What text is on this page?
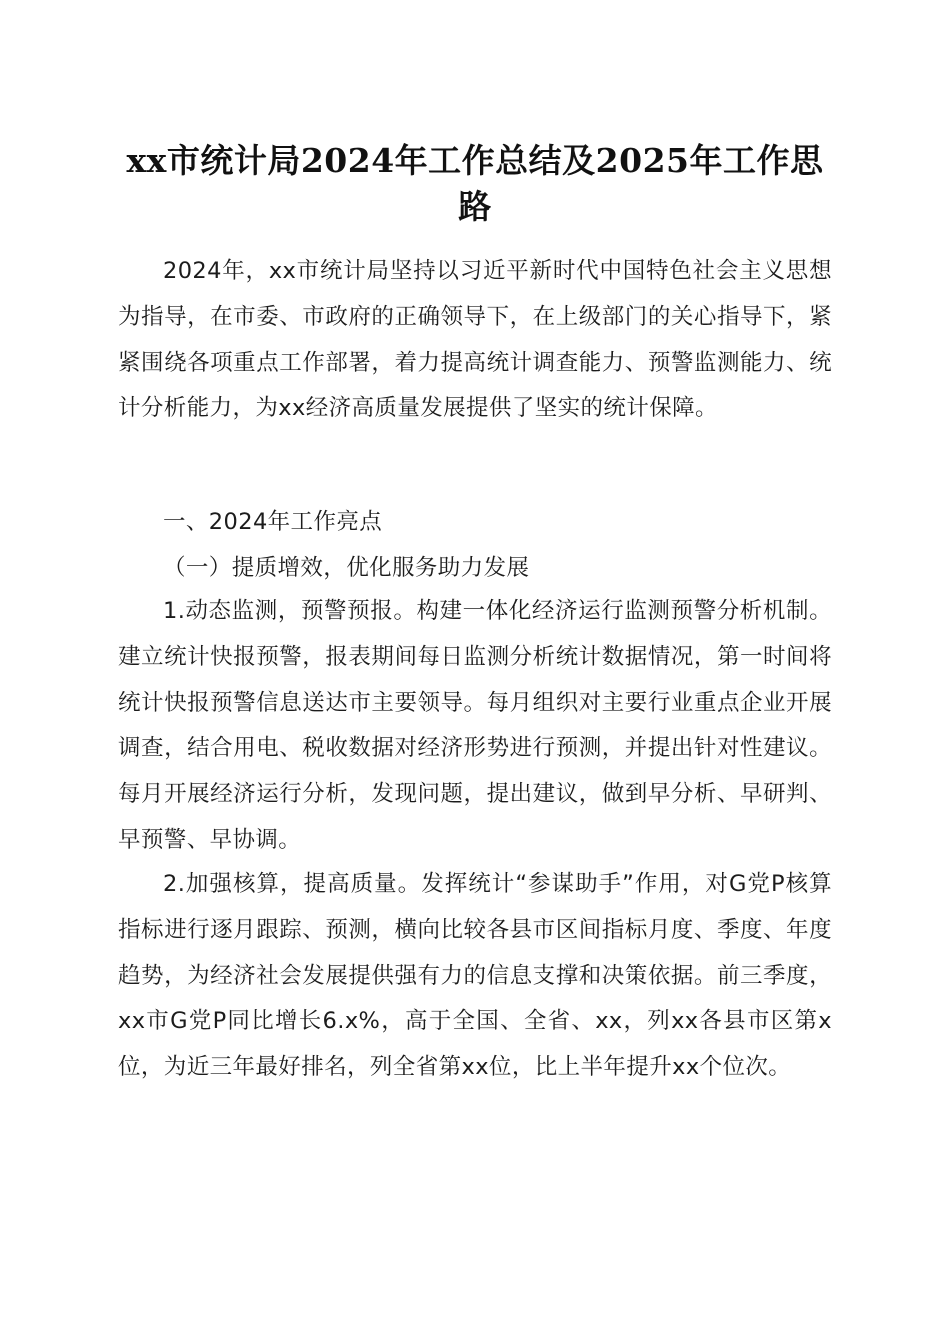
xx市统计局2024年工作总结及2025年工作思路

2024年，xx市统计局坚持以习近平新时代中国特色社会主义思想为指导，在市委、市政府的正确领导下，在上级部门的关心指导下，紧紧围绕各项重点工作部署，着力提高统计调查能力、预警监测能力、统计分析能力，为xx经济高质量发展提供了坚实的统计保障。

一、2024年工作亮点

（一）提质增效，优化服务助力发展

1.动态监测，预警预报。构建一体化经济运行监测预警分析机制。建立统计快报预警，报表期间每日监测分析统计数据情况，第一时间将统计快报预警信息送达市主要领导。每月组织对主要行业重点企业开展调查，结合用电、税收数据对经济形势进行预测，并提出针对性建议。每月开展经济运行分析，发现问题，提出建议，做到早分析、早研判、早预警、早协调。

2.加强核算，提高质量。发挥统计“参谋助手”作用，对G党P核算指标进行逐月跟踪、预测，横向比较各县市区间指标月度、季度、年度趋势，为经济社会发展提供强有力的信息支撑和决策依据。前三季度，xx市G党P同比增长6.x%，高于全国、全省、xx，列xx各县市区第x位，为近三年最好排名，列全省第xx位，比上半年提升xx个位次。
